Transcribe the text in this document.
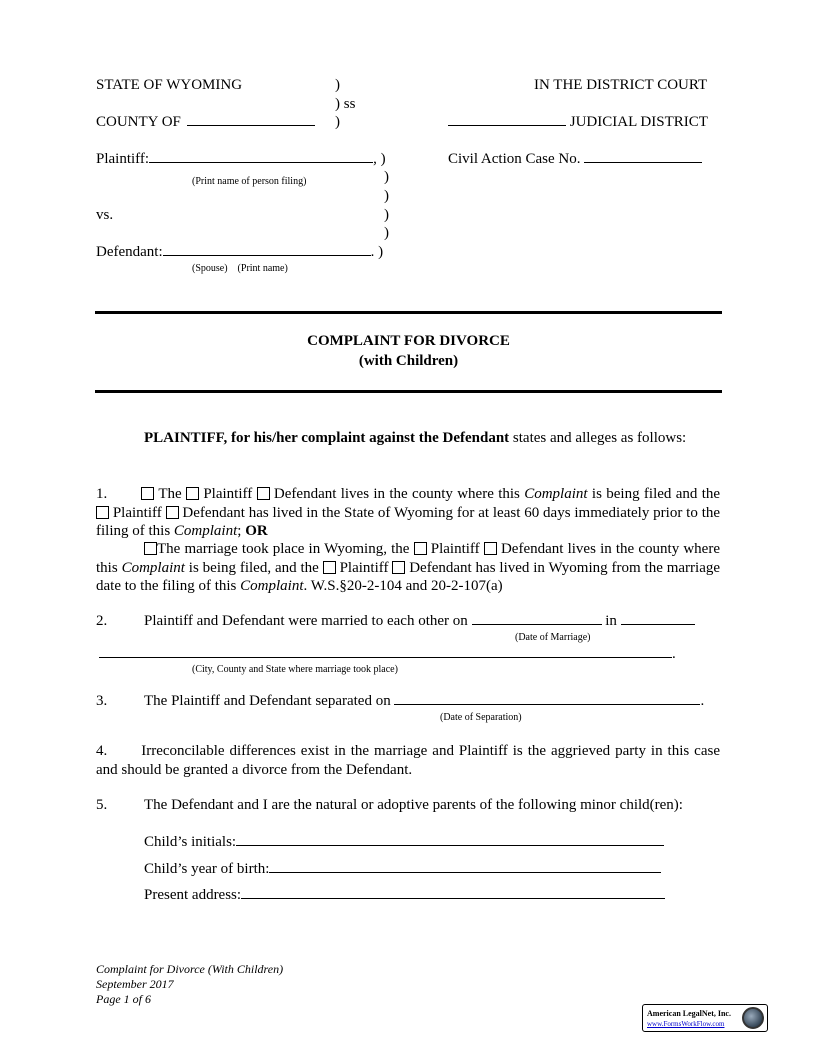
STATE OF WYOMING	)
) ss
IN THE DISTRICT COURT
COUNTY OF	)	JUDICIAL DISTRICT
Plaintiff:	, )
(Print name of person filing)
Civil Action Case No.
)
)
vs.	)
)
Defendant:	. )
(Spouse)    (Print name)
COMPLAINT FOR DIVORCE
(with Children)
PLAINTIFF, for his/her complaint against the Defendant states and alleges as follows:
1.	The Plaintiff Defendant lives in the county where this Complaint is being filed and the  Plaintiff Defendant has lived in the State of Wyoming for at least 60 days immediately prior to the filing of this Complaint; OR
The marriage took place in Wyoming, the Plaintiff Defendant lives in the county where this Complaint is being filed, and the Plaintiff Defendant has lived in Wyoming from the marriage date to the filing of this Complaint. W.S.§20-2-104 and 20-2-107(a)
2. Plaintiff and Defendant were married to each other on	in
(Date of Marriage)
.
(City, County and State where marriage took place)
3. The Plaintiff and Defendant separated on	.
(Date of Separation)
4. Irreconcilable differences exist in the marriage and Plaintiff is the aggrieved party in this case and should be granted a divorce from the Defendant.
5. The Defendant and I are the natural or adoptive parents of the following minor child(ren):
Child’s initials:
Child’s year of birth:
Present address:
Complaint for Divorce (With Children)
September 2017
Page 1 of 6
American LegalNet, Inc.
www.FormsWorkFlow.com
